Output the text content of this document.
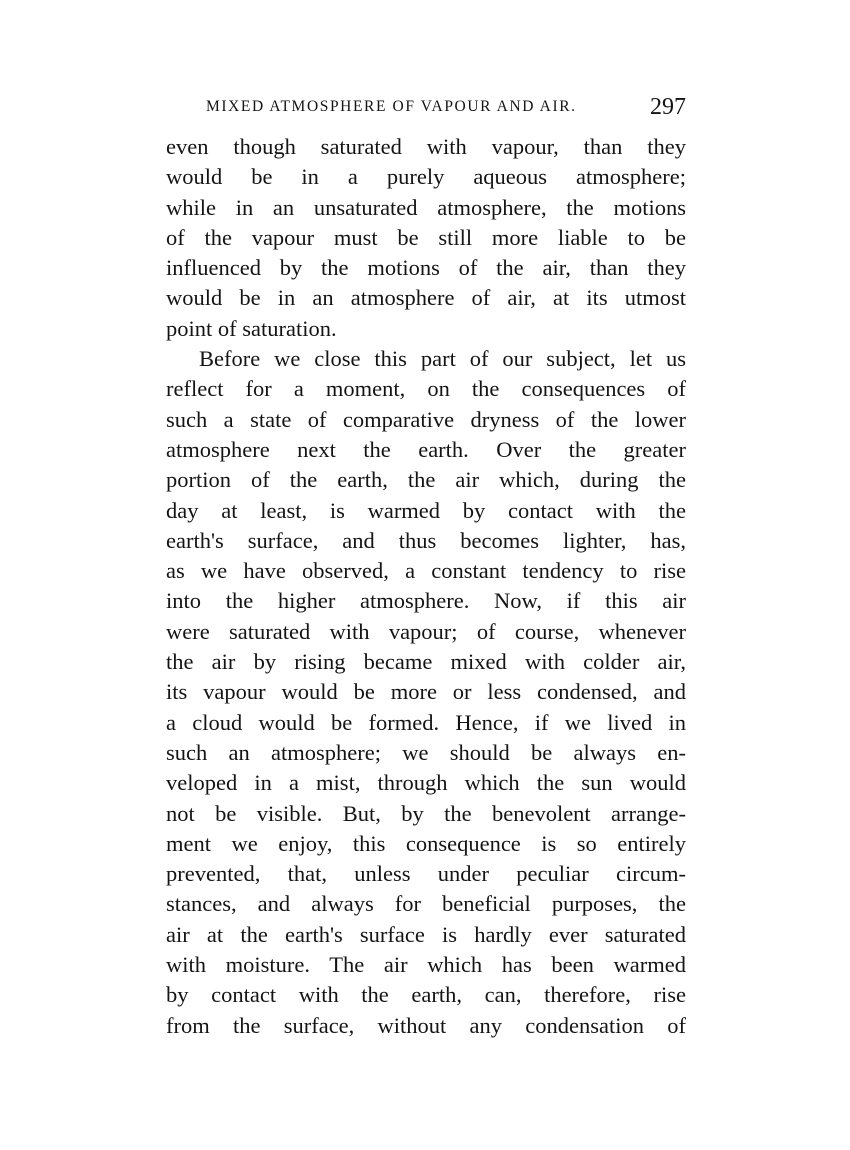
MIXED ATMOSPHERE OF VAPOUR AND AIR.	297
even though saturated with vapour, than they
would be in a purely aqueous atmosphere;
while in an unsaturated atmosphere, the motions
of the vapour must be still more liable to be
influenced by the motions of the air, than they
would be in an atmosphere of air, at its utmost
point of saturation.
Before we close this part of our subject, let us
reflect for a moment, on the consequences of
such a state of comparative dryness of the lower
atmosphere next the earth. Over the greater
portion of the earth, the air which, during the
day at least, is warmed by contact with the
earth's surface, and thus becomes lighter, has,
as we have observed, a constant tendency to rise
into the higher atmosphere. Now, if this air
were saturated with vapour; of course, whenever
the air by rising became mixed with colder air,
its vapour would be more or less condensed, and
a cloud would be formed. Hence, if we lived in
such an atmosphere; we should be always en-
veloped in a mist, through which the sun would
not be visible. But, by the benevolent arrange-
ment we enjoy, this consequence is so entirely
prevented, that, unless under peculiar circum-
stances, and always for beneficial purposes, the
air at the earth's surface is hardly ever saturated
with moisture. The air which has been warmed
by contact with the earth, can, therefore, rise
from the surface, without any condensation of
